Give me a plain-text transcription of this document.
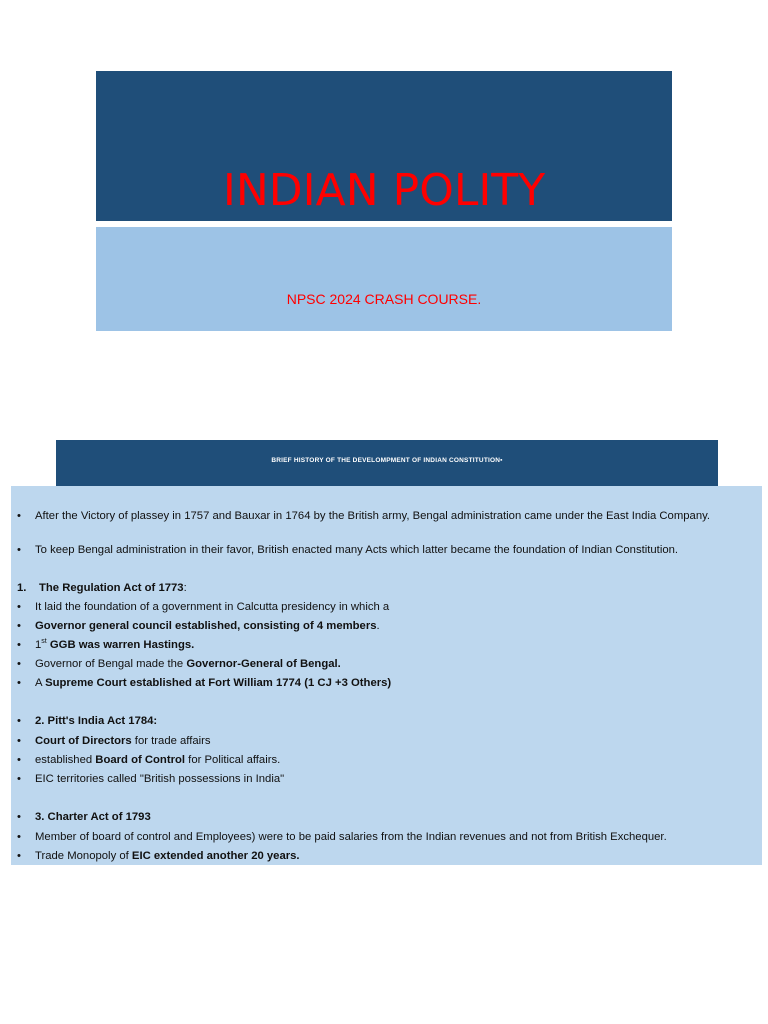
INDIAN POLITY
NPSC 2024 CRASH COURSE.
BRIEF HISTORY OF THE DEVELOMPMENT OF INDIAN CONSTITUTION▪
• After the Victory of plassey in 1757 and Bauxar in 1764 by the British army, Bengal administration came under the East India Company.
• To keep Bengal administration in their favor, British enacted many Acts which latter became the foundation of Indian Constitution.
1. The Regulation Act of 1773:
• It laid the foundation of a government in Calcutta presidency in which a
• Governor general council established, consisting of 4 members.
• 1st GGB was warren Hastings.
• Governor of Bengal made the Governor-General of Bengal.
• A Supreme Court established at Fort William 1774 (1 CJ +3 Others)
• 2. Pitt's India Act 1784:
• Court of Directors for trade affairs
• established Board of Control for Political affairs.
• EIC territories called "British possessions in India"
• 3. Charter Act of 1793
• Member of board of control and Employees) were to be paid salaries from the Indian revenues and not from British Exchequer.
• Trade Monopoly of EIC extended another 20 years.
